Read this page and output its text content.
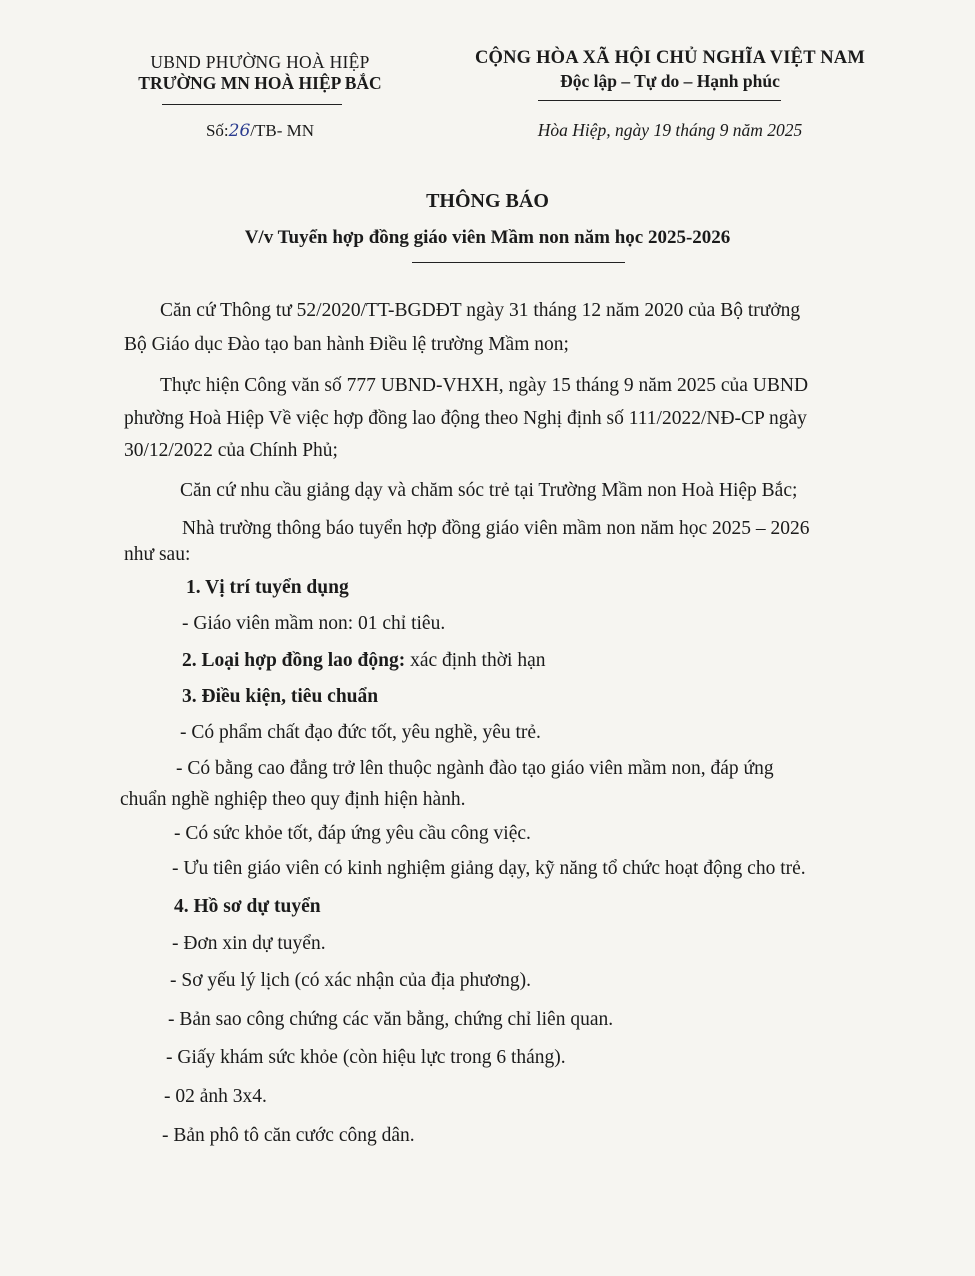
UBND PHƯỜNG HOÀ HIỆP
TRƯỜNG MN HOÀ HIỆP BẮC
Số:26/TB- MN
CỘNG HÒA XÃ HỘI CHỦ NGHĨA VIỆT NAM
Độc lập – Tự do – Hạnh phúc
Hòa Hiệp, ngày 19 tháng 9 năm 2025
THÔNG BÁO
V/v Tuyển hợp đồng giáo viên Mầm non năm học 2025-2026
Căn cứ Thông tư 52/2020/TT-BGDĐT ngày 31 tháng 12 năm 2020 của Bộ trưởng
Bộ Giáo dục Đào tạo ban hành Điều lệ trường Mầm non;
Thực hiện Công văn số 777 UBND-VHXH, ngày 15 tháng 9 năm 2025 của UBND
phường Hoà Hiệp Về việc hợp đồng lao động theo Nghị định số 111/2022/NĐ-CP ngày
30/12/2022 của Chính Phủ;
Căn cứ nhu cầu giảng dạy và chăm sóc trẻ tại Trường Mầm non Hoà Hiệp Bắc;
Nhà trường thông báo tuyển hợp đồng giáo viên mầm non năm học 2025 – 2026
như sau:
1. Vị trí tuyển dụng
- Giáo viên mầm non: 01 chỉ tiêu.
2. Loại hợp đồng lao động: xác định thời hạn
3. Điều kiện, tiêu chuẩn
- Có phẩm chất đạo đức tốt, yêu nghề, yêu trẻ.
- Có bằng cao đẳng trở lên thuộc ngành đào tạo giáo viên mầm non, đáp ứng
chuẩn nghề nghiệp theo quy định hiện hành.
- Có sức khỏe tốt, đáp ứng yêu cầu công việc.
- Ưu tiên giáo viên có kinh nghiệm giảng dạy, kỹ năng tổ chức hoạt động cho trẻ.
4. Hồ sơ dự tuyển
- Đơn xin dự tuyển.
- Sơ yếu lý lịch (có xác nhận của địa phương).
- Bản sao công chứng các văn bằng, chứng chỉ liên quan.
- Giấy khám sức khỏe (còn hiệu lực trong 6 tháng).
- 02 ảnh 3x4.
- Bản phô tô căn cước công dân.
